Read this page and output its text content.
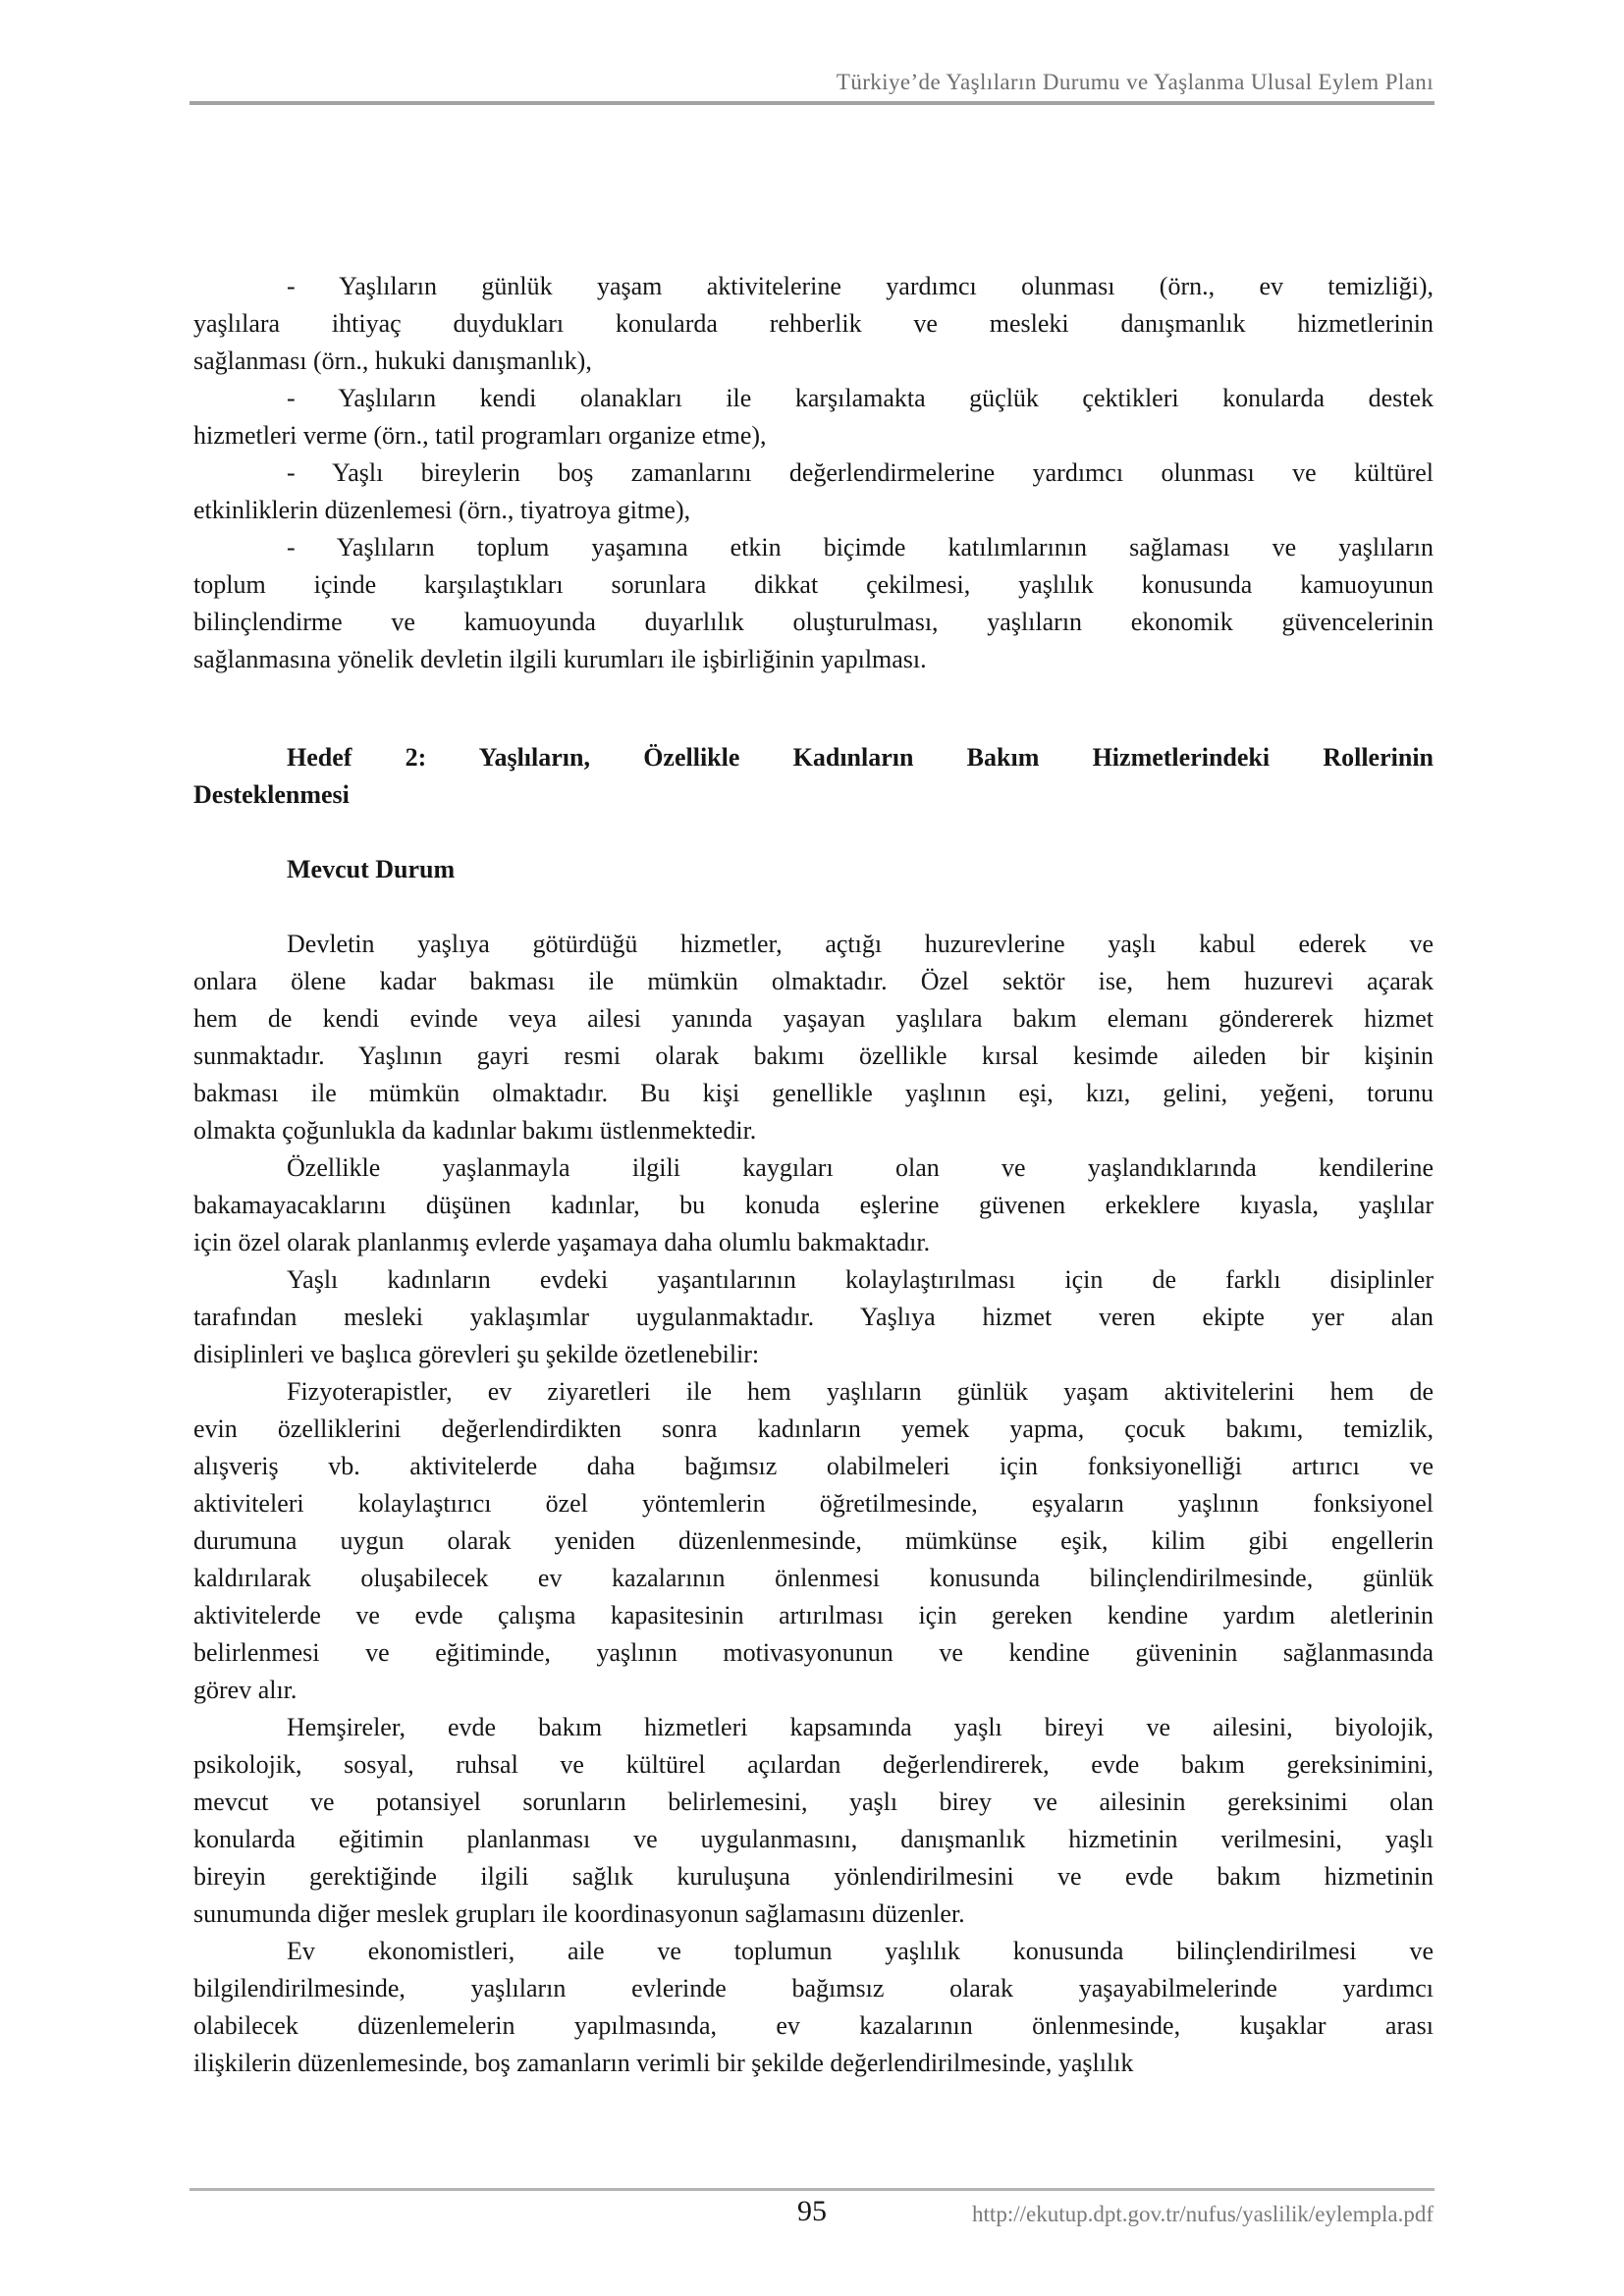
Türkiye’de Yaşlıların Durumu ve Yaşlanma Ulusal Eylem Planı
- Yaşlıların günlük yaşam aktivitelerine yardımcı olunması (örn., ev temizliği),
yaşlılara ihtiyaç duydukları konularda rehberlik ve mesleki danışmanlık hizmetlerinin
sağlanması (örn., hukuki danışmanlık),
- Yaşlıların kendi olanakları ile karşılamakta güçlük çektikleri konularda destek
hizmetleri verme (örn., tatil programları organize etme),
- Yaşlı bireylerin boş zamanlarını değerlendirmelerine yardımcı olunması ve kültürel
etkinliklerin düzenlemesi (örn., tiyatroya gitme),
- Yaşlıların toplum yaşamına etkin biçimde katılımlarının sağlaması ve yaşlıların
toplum içinde karşılaştıkları sorunlara dikkat çekilmesi, yaşlılık konusunda kamuoyunun
bilinçlendirme ve kamuoyunda duyarlılık oluşturulması, yaşlıların ekonomik güvencelerinin
sağlanmasına yönelik devletin ilgili kurumları ile işbirliğinin yapılması.
Hedef 2: Yaşlıların, Özellikle Kadınların Bakım Hizmetlerindeki Rollerinin
Desteklenmesi
Mevcut Durum
Devletin yaşlıya götürdüğü hizmetler, açtığı huzurevlerine yaşlı kabul ederek ve
onlara ölene kadar bakması ile mümkün olmaktadır. Özel sektör ise, hem huzurevi açarak
hem de kendi evinde veya ailesi yanında yaşayan yaşlılara bakım elemanı göndererek hizmet
sunmaktadır. Yaşlının gayri resmi olarak bakımı özellikle kırsal kesimde aileden bir kişinin
bakması ile mümkün olmaktadır. Bu kişi genellikle yaşlının eşi, kızı, gelini, yeğeni, torunu
olmakta çoğunlukla da kadınlar bakımı üstlenmektedir.
Özellikle yaşlanmayla ilgili kaygıları olan ve yaşlandıklarında kendilerine
bakamayacaklarını düşünen kadınlar, bu konuda eşlerine güvenen erkeklere kıyasla, yaşlılar
için özel olarak planlanmış evlerde yaşamaya daha olumlu bakmaktadır.
Yaşlı kadınların evdeki yaşantılarının kolaylaştırılması için de farklı disiplinler
tarafından mesleki yaklaşımlar uygulanmaktadır. Yaşlıya hizmet veren ekipte yer alan
disiplinleri ve başlıca görevleri şu şekilde özetlenebilir:
Fizyoterapistler, ev ziyaretleri ile hem yaşlıların günlük yaşam aktivitelerini hem de
evin özelliklerini değerlendirdikten sonra kadınların yemek yapma, çocuk bakımı, temizlik,
alışveriş vb. aktivitelerde daha bağımsız olabilmeleri için fonksiyonelliği artırıcı ve
aktiviteleri kolaylaştırıcı özel yöntemlerin öğretilmesinde, eşyaların yaşlının fonksiyonel
durumuna uygun olarak yeniden düzenlenmesinde, mümkünse eşik, kilim gibi engellerin
kaldırılarak oluşabilecek ev kazalarının önlenmesi konusunda bilinçlendirilmesinde, günlük
aktivitelerde ve evde çalışma kapasitesinin artırılması için gereken kendine yardım aletlerinin
belirlenmesi ve eğitiminde, yaşlının motivasyonunun ve kendine güveninin sağlanmasında
görev alır.
Hemşireler, evde bakım hizmetleri kapsamında yaşlı bireyi ve ailesini, biyolojik,
psikolojik, sosyal, ruhsal ve kültürel açılardan değerlendirerek, evde bakım gereksinimini,
mevcut ve potansiyel sorunların belirlemesini, yaşlı birey ve ailesinin gereksinimi olan
konularda eğitimin planlanması ve uygulanmasını, danışmanlık hizmetinin verilmesini, yaşlı
bireyin gerektiğinde ilgili sağlık kuruluşuna yönlendirilmesini ve evde bakım hizmetinin
sunumunda diğer meslek grupları ile koordinasyonun sağlamasını düzenler.
Ev ekonomistleri, aile ve toplumun yaşlılık konusunda bilinçlendirilmesi ve
bilgilendirilmesinde, yaşlıların evlerinde bağımsız olarak yaşayabilmelerinde yardımcı
olabilecek düzenlemelerin yapılmasında, ev kazalarının önlenmesinde, kuşaklar arası
ilişkilerin düzenlemesinde, boş zamanların verimli bir şekilde değerlendirilmesinde, yaşlılık
95	http://ekutup.dpt.gov.tr/nufus/yaslilik/eylempla.pdf
